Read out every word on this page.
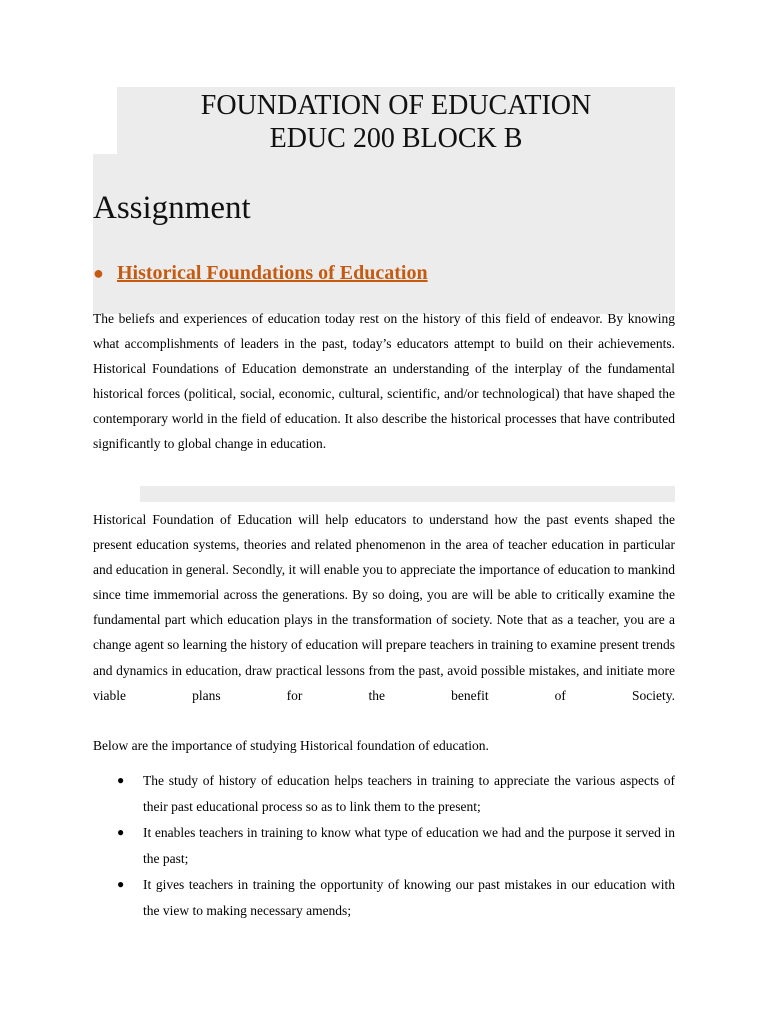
FOUNDATION OF EDUCATION
EDUC 200 BLOCK B
Assignment
● Historical Foundations of Education

The beliefs and experiences of education today rest on the history of this field of endeavor. By knowing what accomplishments of leaders in the past, today’s educators attempt to build on their achievements. Historical Foundations of Education demonstrate an understanding of the interplay of the fundamental historical forces (political, social, economic, cultural, scientific, and/or technological) that have shaped the contemporary world in the field of education. It also describe the historical processes that have contributed significantly to global change in education.

Historical Foundation of Education will help educators to understand how the past events shaped the present education systems, theories and related phenomenon in the area of teacher education in particular and education in general. Secondly, it will enable you to appreciate the importance of education to mankind since time immemorial across the generations. By so doing, you are will be able to critically examine the fundamental part which education plays in the transformation of society. Note that as a teacher, you are a change agent so learning the history of education will prepare teachers in training to examine present trends and dynamics in education, draw practical lessons from the past, avoid possible mistakes, and initiate more
viable plans for the benefit of Society.

Below are the importance of studying Historical foundation of education.

● The study of history of education helps teachers in training to appreciate the various aspects of their past educational process so as to link them to the present;
● It enables teachers in training to know what type of education we had and the purpose it served in the past;
● It gives teachers in training the opportunity of knowing our past mistakes in our education with the view to making necessary amends;
